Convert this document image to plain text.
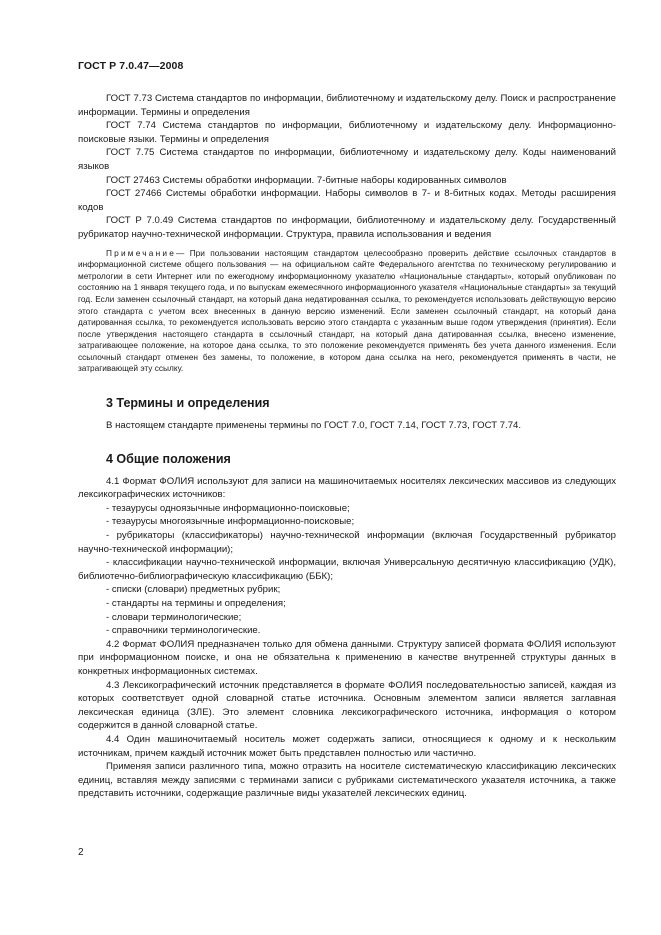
ГОСТ Р 7.0.47—2008

ГОСТ 7.73 Система стандартов по информации, библиотечному и издательскому делу. Поиск и распространение информации. Термины и определения

ГОСТ 7.74 Система стандартов по информации, библиотечному и издательскому делу. Информационно-поисковые языки. Термины и определения

ГОСТ 7.75 Система стандартов по информации, библиотечному и издательскому делу. Коды наименований языков

ГОСТ 27463 Системы обработки информации. 7-битные наборы кодированных символов

ГОСТ 27466 Системы обработки информации. Наборы символов в 7- и 8-битных кодах. Методы расширения кодов

ГОСТ Р 7.0.49 Система стандартов по информации, библиотечному и издательскому делу. Государственный рубрикатор научно-технической информации. Структура, правила использования и ведения

Примечание— При пользовании настоящим стандартом целесообразно проверить действие ссылочных стандартов в информационной системе общего пользования — на официальном сайте Федерального агентства по техническому регулированию и метрологии в сети Интернет или по ежегодному информационному указателю «Национальные стандарты», который опубликован по состоянию на 1 января текущего года, и по выпускам ежемесячного информационного указателя «Национальные стандарты» за текущий год. Если заменен ссылочный стандарт, на который дана недатированная ссылка, то рекомендуется использовать действующую версию этого стандарта с учетом всех внесенных в данную версию изменений. Если заменен ссылочный стандарт, на который дана датированная ссылка, то рекомендуется использовать версию этого стандарта с указанным выше годом утверждения (принятия). Если после утверждения настоящего стандарта в ссылочный стандарт, на который дана датированная ссылка, внесено изменение, затрагивающее положение, на которое дана ссылка, то это положение рекомендуется применять без учета данного изменения. Если ссылочный стандарт отменен без замены, то положение, в котором дана ссылка на него, рекомендуется применять в части, не затрагивающей эту ссылку.

3 Термины и определения

В настоящем стандарте применены термины по ГОСТ 7.0, ГОСТ 7.14, ГОСТ 7.73, ГОСТ 7.74.

4 Общие положения

4.1 Формат ФОЛИЯ используют для записи на машиночитаемых носителях лексических массивов из следующих лексикографических источников:

- тезаурусы одноязычные информационно-поисковые;

- тезаурусы многоязычные информационно-поисковые;

- рубрикаторы (классификаторы) научно-технической информации (включая Государственный рубрикатор научно-технической информации);

- классификации научно-технической информации, включая Универсальную десятичную классификацию (УДК), библиотечно-библиографическую классификацию (ББК);

- списки (словари) предметных рубрик;

- стандарты на термины и определения;

- словари терминологические;

- справочники терминологические.

4.2 Формат ФОЛИЯ предназначен только для обмена данными. Структуру записей формата ФОЛИЯ используют при информационном поиске, и она не обязательна к применению в качестве внутренней структуры данных в конкретных информационных системах.

4.3 Лексикографический источник представляется в формате ФОЛИЯ последовательностью записей, каждая из которых соответствует одной словарной статье источника. Основным элементом записи является заглавная лексическая единица (ЗЛЕ). Это элемент словника лексикографического источника, информация о котором содержится в данной словарной статье.

4.4 Один машиночитаемый носитель может содержать записи, относящиеся к одному и к нескольким источникам, причем каждый источник может быть представлен полностью или частично.

Применяя записи различного типа, можно отразить на носителе систематическую классификацию лексических единиц, вставляя между записями с терминами записи с рубриками систематического указателя источника, а также представить источники, содержащие различные виды указателей лексических единиц.

2
